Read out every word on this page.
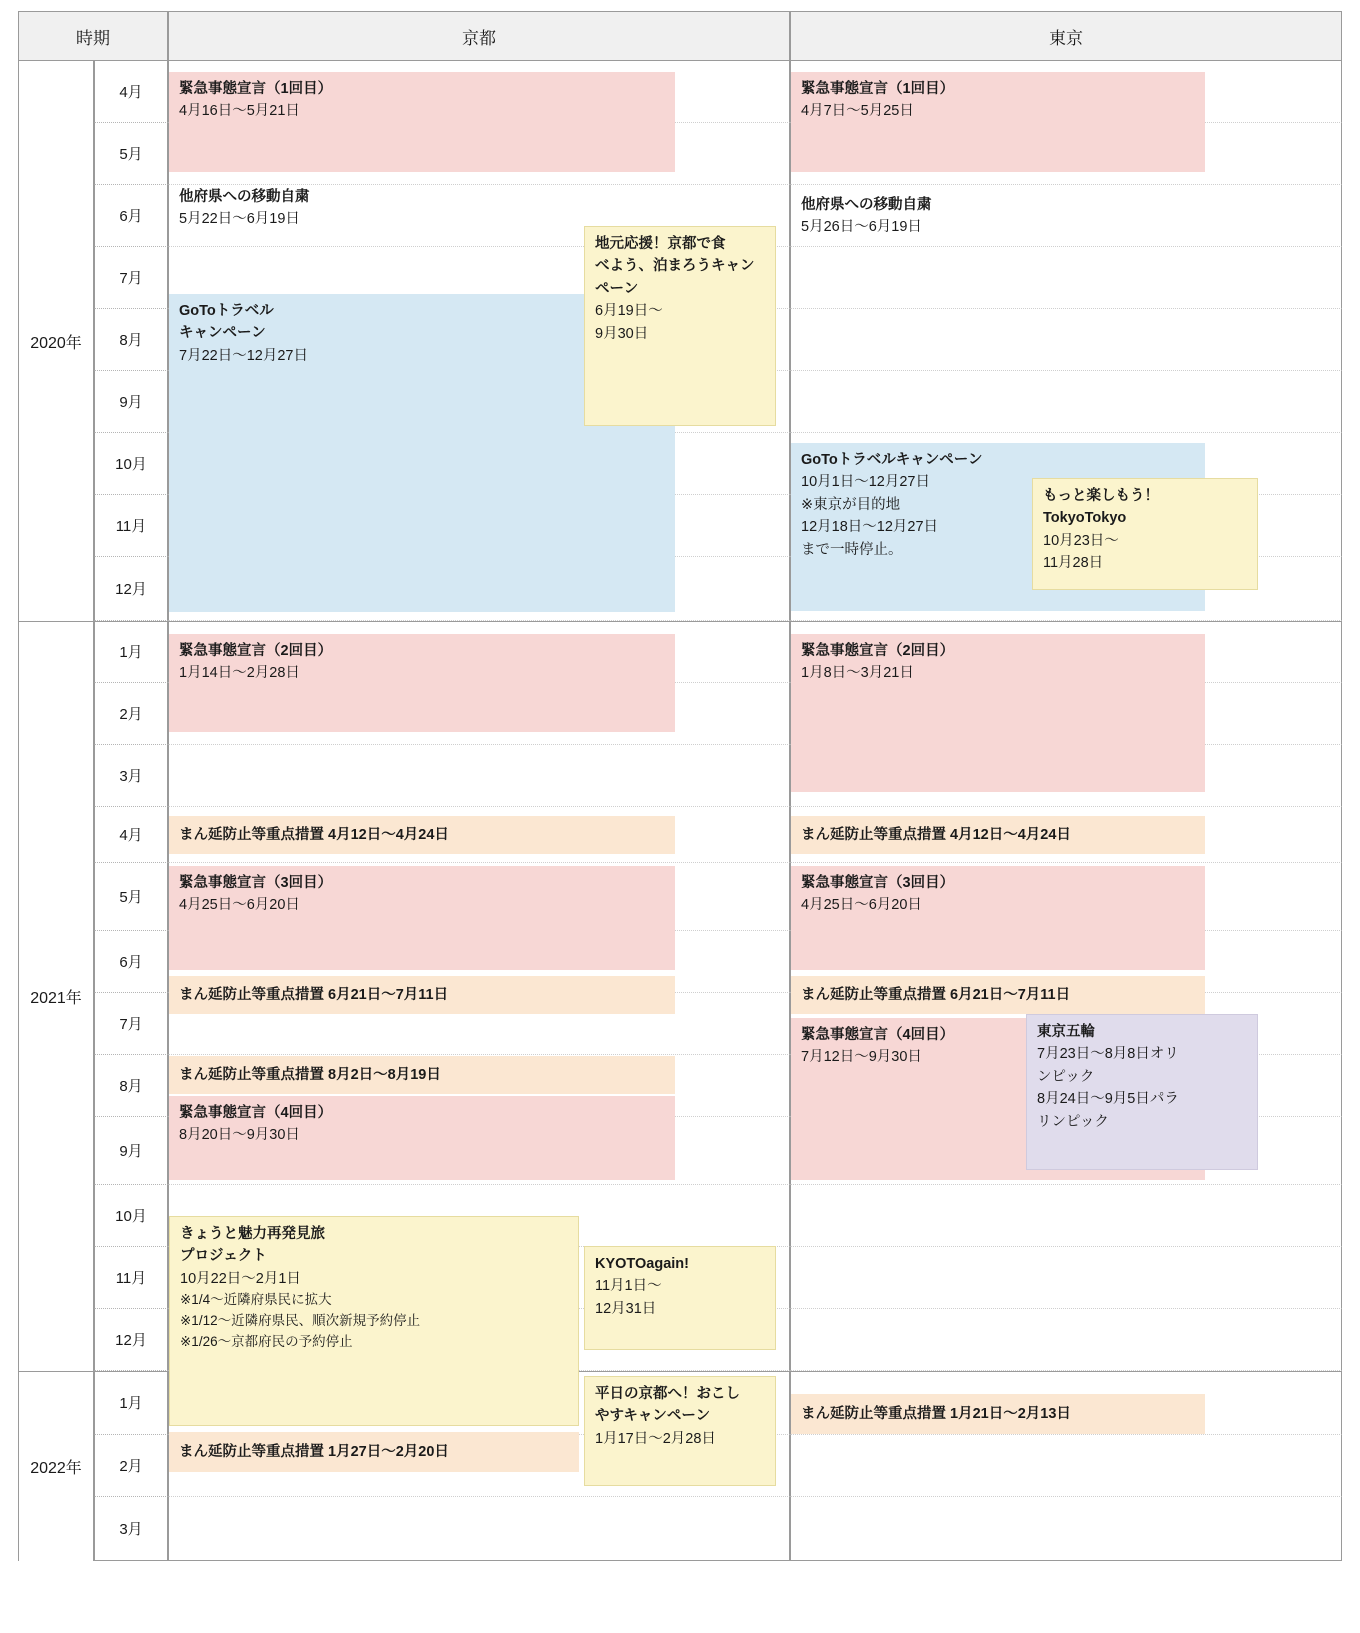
時期	京都	東京
2020年
4月
5月
6月
7月
8月
9月
10月
11月
12月
2021年
1月
2月
3月
4月
5月
6月
7月
8月
9月
10月
11月
12月
2022年
1月
2月
3月
緊急事態宣言（1回目）
4月16日〜5月21日
他府県への移動自粛
5月22日〜6月19日
GoToトラベル
キャンペーン
7月22日〜12月27日
地元応援！京都で食
べよう、泊まろうキャン
ペーン
6月19日〜
9月30日
緊急事態宣言（2回目）
1月14日〜2月28日
まん延防止等重点措置 4月12日〜4月24日
緊急事態宣言（3回目）
4月25日〜6月20日
まん延防止等重点措置 6月21日〜7月11日
まん延防止等重点措置 8月2日〜8月19日
緊急事態宣言（4回目）
8月20日〜9月30日
きょうと魅力再発見旅
プロジェクト
10月22日〜2月1日
※1/4〜近隣府県民に拡大
※1/12〜近隣府県民、順次新規予約停止
※1/26〜京都府民の予約停止
KYOTOagain!
11月1日〜
12月31日
平日の京都へ！おこし
やすキャンペーン
1月17日〜2月28日
まん延防止等重点措置 1月27日〜2月20日
緊急事態宣言（1回目）
4月7日〜5月25日
他府県への移動自粛
5月26日〜6月19日
GoToトラベルキャンペーン
10月1日〜12月27日
※東京が目的地
12月18日〜12月27日
まで一時停止。
もっと楽しもう！
TokyoTokyo
10月23日〜
11月28日
緊急事態宣言（2回目）
1月8日〜3月21日
まん延防止等重点措置 4月12日〜4月24日
緊急事態宣言（3回目）
4月25日〜6月20日
まん延防止等重点措置 6月21日〜7月11日
緊急事態宣言（4回目）
7月12日〜9月30日
東京五輪
7月23日〜8月8日オリ
ンピック
8月24日〜9月5日パラ
リンピック
まん延防止等重点措置 1月21日〜2月13日
